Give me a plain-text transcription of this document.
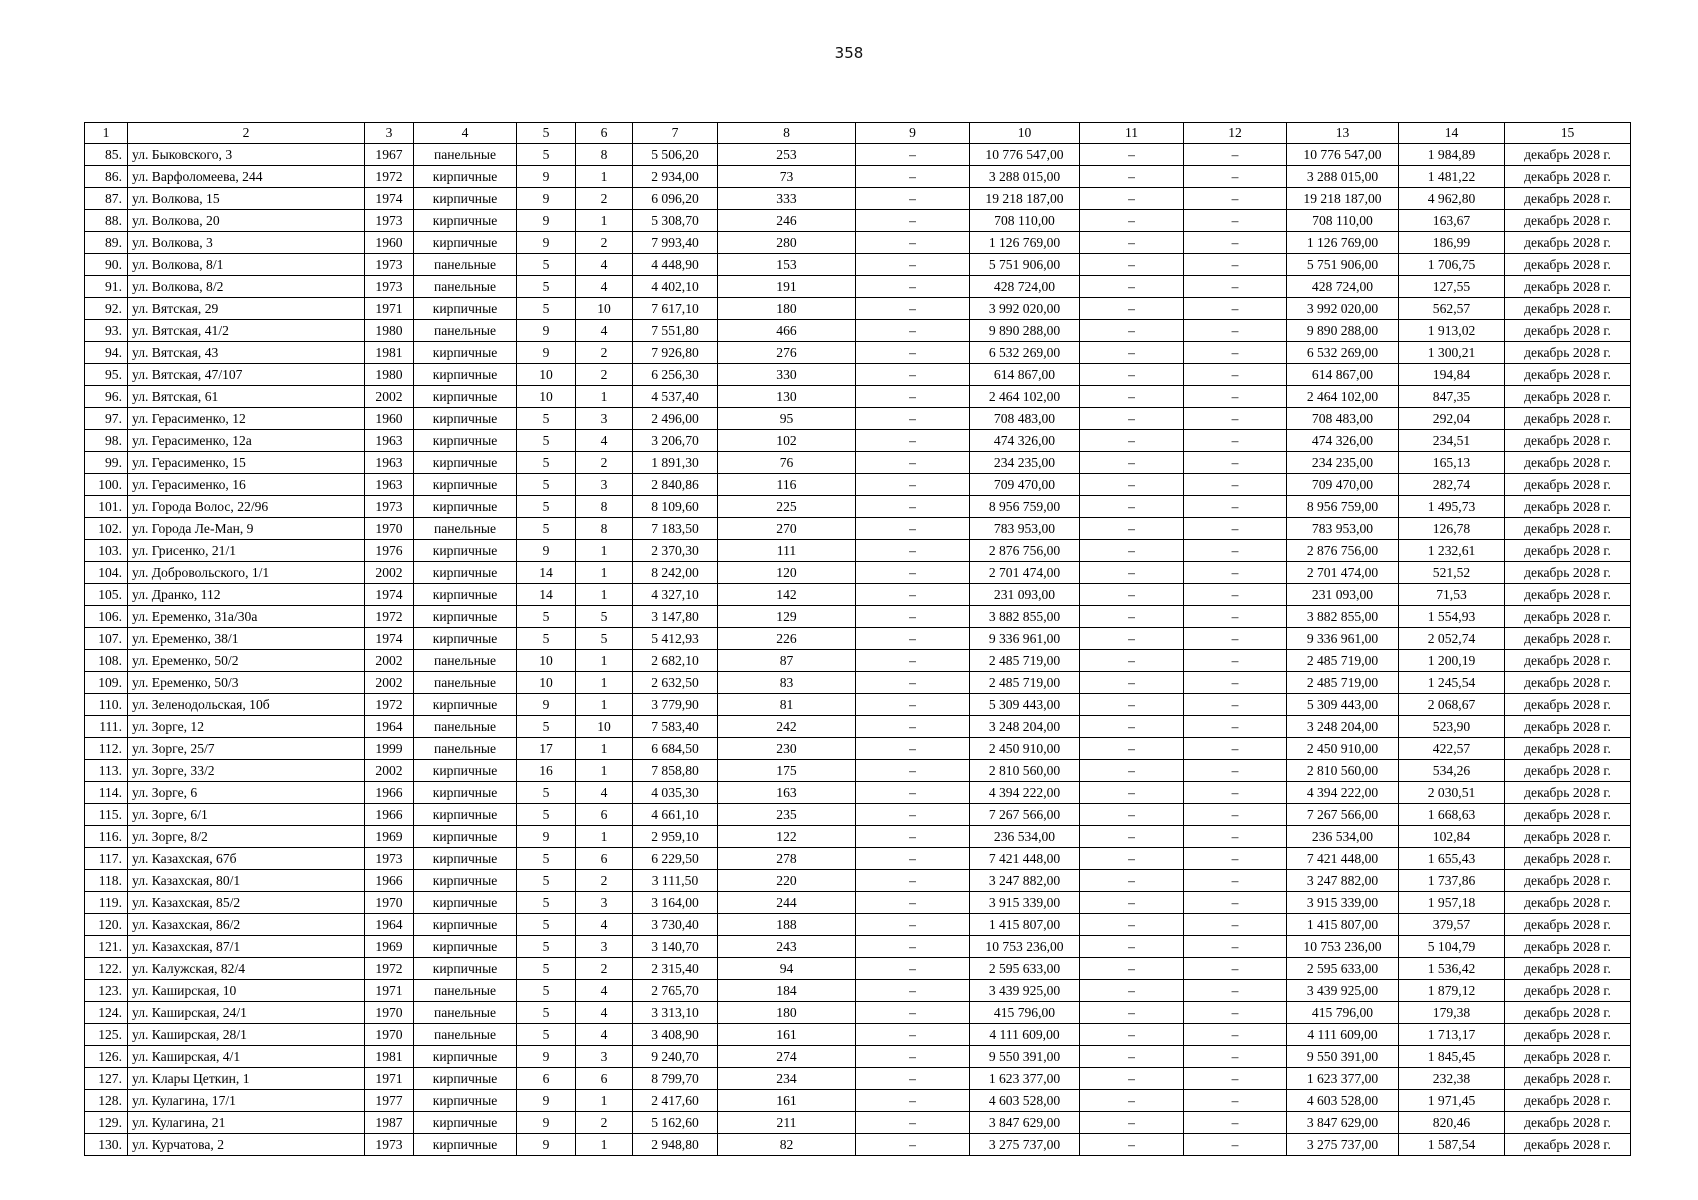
358
1	2	3	4	5	6	7	8	9	10	11	12	13	14	15
85.	ул. Быковского, 3	1967	панельные	5	8	5 506,20	253	–	10 776 547,00	–	–	10 776 547,00	1 984,89	декабрь 2028 г.
86.	ул. Варфоломеева, 244	1972	кирпичные	9	1	2 934,00	73	–	3 288 015,00	–	–	3 288 015,00	1 481,22	декабрь 2028 г.
87.	ул. Волкова, 15	1974	кирпичные	9	2	6 096,20	333	–	19 218 187,00	–	–	19 218 187,00	4 962,80	декабрь 2028 г.
88.	ул. Волкова, 20	1973	кирпичные	9	1	5 308,70	246	–	708 110,00	–	–	708 110,00	163,67	декабрь 2028 г.
89.	ул. Волкова, 3	1960	кирпичные	9	2	7 993,40	280	–	1 126 769,00	–	–	1 126 769,00	186,99	декабрь 2028 г.
90.	ул. Волкова, 8/1	1973	панельные	5	4	4 448,90	153	–	5 751 906,00	–	–	5 751 906,00	1 706,75	декабрь 2028 г.
91.	ул. Волкова, 8/2	1973	панельные	5	4	4 402,10	191	–	428 724,00	–	–	428 724,00	127,55	декабрь 2028 г.
92.	ул. Вятская, 29	1971	кирпичные	5	10	7 617,10	180	–	3 992 020,00	–	–	3 992 020,00	562,57	декабрь 2028 г.
93.	ул. Вятская, 41/2	1980	панельные	9	4	7 551,80	466	–	9 890 288,00	–	–	9 890 288,00	1 913,02	декабрь 2028 г.
94.	ул. Вятская, 43	1981	кирпичные	9	2	7 926,80	276	–	6 532 269,00	–	–	6 532 269,00	1 300,21	декабрь 2028 г.
95.	ул. Вятская, 47/107	1980	кирпичные	10	2	6 256,30	330	–	614 867,00	–	–	614 867,00	194,84	декабрь 2028 г.
96.	ул. Вятская, 61	2002	кирпичные	10	1	4 537,40	130	–	2 464 102,00	–	–	2 464 102,00	847,35	декабрь 2028 г.
97.	ул. Герасименко, 12	1960	кирпичные	5	3	2 496,00	95	–	708 483,00	–	–	708 483,00	292,04	декабрь 2028 г.
98.	ул. Герасименко, 12а	1963	кирпичные	5	4	3 206,70	102	–	474 326,00	–	–	474 326,00	234,51	декабрь 2028 г.
99.	ул. Герасименко, 15	1963	кирпичные	5	2	1 891,30	76	–	234 235,00	–	–	234 235,00	165,13	декабрь 2028 г.
100.	ул. Герасименко, 16	1963	кирпичные	5	3	2 840,86	116	–	709 470,00	–	–	709 470,00	282,74	декабрь 2028 г.
101.	ул. Города Волос, 22/96	1973	кирпичные	5	8	8 109,60	225	–	8 956 759,00	–	–	8 956 759,00	1 495,73	декабрь 2028 г.
102.	ул. Города Ле-Ман, 9	1970	панельные	5	8	7 183,50	270	–	783 953,00	–	–	783 953,00	126,78	декабрь 2028 г.
103.	ул. Грисенко, 21/1	1976	кирпичные	9	1	2 370,30	111	–	2 876 756,00	–	–	2 876 756,00	1 232,61	декабрь 2028 г.
104.	ул. Добровольского, 1/1	2002	кирпичные	14	1	8 242,00	120	–	2 701 474,00	–	–	2 701 474,00	521,52	декабрь 2028 г.
105.	ул. Дранко, 112	1974	кирпичные	14	1	4 327,10	142	–	231 093,00	–	–	231 093,00	71,53	декабрь 2028 г.
106.	ул. Еременко, 31а/30а	1972	кирпичные	5	5	3 147,80	129	–	3 882 855,00	–	–	3 882 855,00	1 554,93	декабрь 2028 г.
107.	ул. Еременко, 38/1	1974	кирпичные	5	5	5 412,93	226	–	9 336 961,00	–	–	9 336 961,00	2 052,74	декабрь 2028 г.
108.	ул. Еременко, 50/2	2002	панельные	10	1	2 682,10	87	–	2 485 719,00	–	–	2 485 719,00	1 200,19	декабрь 2028 г.
109.	ул. Еременко, 50/3	2002	панельные	10	1	2 632,50	83	–	2 485 719,00	–	–	2 485 719,00	1 245,54	декабрь 2028 г.
110.	ул. Зеленодольская, 10б	1972	кирпичные	9	1	3 779,90	81	–	5 309 443,00	–	–	5 309 443,00	2 068,67	декабрь 2028 г.
111.	ул. Зорге, 12	1964	панельные	5	10	7 583,40	242	–	3 248 204,00	–	–	3 248 204,00	523,90	декабрь 2028 г.
112.	ул. Зорге, 25/7	1999	панельные	17	1	6 684,50	230	–	2 450 910,00	–	–	2 450 910,00	422,57	декабрь 2028 г.
113.	ул. Зорге, 33/2	2002	кирпичные	16	1	7 858,80	175	–	2 810 560,00	–	–	2 810 560,00	534,26	декабрь 2028 г.
114.	ул. Зорге, 6	1966	кирпичные	5	4	4 035,30	163	–	4 394 222,00	–	–	4 394 222,00	2 030,51	декабрь 2028 г.
115.	ул. Зорге, 6/1	1966	кирпичные	5	6	4 661,10	235	–	7 267 566,00	–	–	7 267 566,00	1 668,63	декабрь 2028 г.
116.	ул. Зорге, 8/2	1969	кирпичные	9	1	2 959,10	122	–	236 534,00	–	–	236 534,00	102,84	декабрь 2028 г.
117.	ул. Казахская, 67б	1973	кирпичные	5	6	6 229,50	278	–	7 421 448,00	–	–	7 421 448,00	1 655,43	декабрь 2028 г.
118.	ул. Казахская, 80/1	1966	кирпичные	5	2	3 111,50	220	–	3 247 882,00	–	–	3 247 882,00	1 737,86	декабрь 2028 г.
119.	ул. Казахская, 85/2	1970	кирпичные	5	3	3 164,00	244	–	3 915 339,00	–	–	3 915 339,00	1 957,18	декабрь 2028 г.
120.	ул. Казахская, 86/2	1964	кирпичные	5	4	3 730,40	188	–	1 415 807,00	–	–	1 415 807,00	379,57	декабрь 2028 г.
121.	ул. Казахская, 87/1	1969	кирпичные	5	3	3 140,70	243	–	10 753 236,00	–	–	10 753 236,00	5 104,79	декабрь 2028 г.
122.	ул. Калужская, 82/4	1972	кирпичные	5	2	2 315,40	94	–	2 595 633,00	–	–	2 595 633,00	1 536,42	декабрь 2028 г.
123.	ул. Каширская, 10	1971	панельные	5	4	2 765,70	184	–	3 439 925,00	–	–	3 439 925,00	1 879,12	декабрь 2028 г.
124.	ул. Каширская, 24/1	1970	панельные	5	4	3 313,10	180	–	415 796,00	–	–	415 796,00	179,38	декабрь 2028 г.
125.	ул. Каширская, 28/1	1970	панельные	5	4	3 408,90	161	–	4 111 609,00	–	–	4 111 609,00	1 713,17	декабрь 2028 г.
126.	ул. Каширская, 4/1	1981	кирпичные	9	3	9 240,70	274	–	9 550 391,00	–	–	9 550 391,00	1 845,45	декабрь 2028 г.
127.	ул. Клары Цеткин, 1	1971	кирпичные	6	6	8 799,70	234	–	1 623 377,00	–	–	1 623 377,00	232,38	декабрь 2028 г.
128.	ул. Кулагина, 17/1	1977	кирпичные	9	1	2 417,60	161	–	4 603 528,00	–	–	4 603 528,00	1 971,45	декабрь 2028 г.
129.	ул. Кулагина, 21	1987	кирпичные	9	2	5 162,60	211	–	3 847 629,00	–	–	3 847 629,00	820,46	декабрь 2028 г.
130.	ул. Курчатова, 2	1973	кирпичные	9	1	2 948,80	82	–	3 275 737,00	–	–	3 275 737,00	1 587,54	декабрь 2028 г.
